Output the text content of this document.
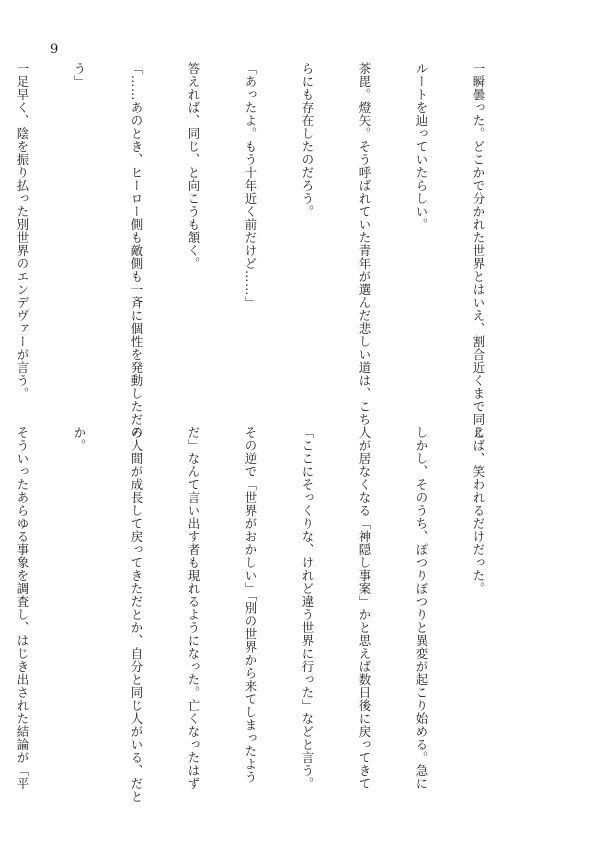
9

一瞬曇った。どこかで分かれた世界とはいえ、割合近くまで同じ

ルートを辿っていたらしい。

茶毘。燈矢。そう呼ばれていた青年が選んだ悲しい道は、こち

らにも存在したのだろう。

「あったよ。もう十年近く前だけど……」

答えれば、同じ、と向こうも頷く。

「……あのとき、ヒーロー側も敵側も一斉に個性を発動しただろ

う」

一足早く、陰を振り払った別世界のエンデヴァーが言う。

えば、笑われるだけだった。

しかし、そのうち、ぽつりぽつりと異変が起こり始める。急に

人が居なくなる「神隠し事案」かと思えば数日後に戻ってきて

「ここにそっくりな、けれど違う世界に行った」などと言う。

その逆で「世界がおかしい」「別の世界から来てしまったよう

だ」なんて言い出す者も現れるようになった。亡くなったはず

の人間が成長して戻ってきただとか、自分と同じ人がいる、だと

か。

そういったあらゆる事象を調査し、はじき出された結論が「平
